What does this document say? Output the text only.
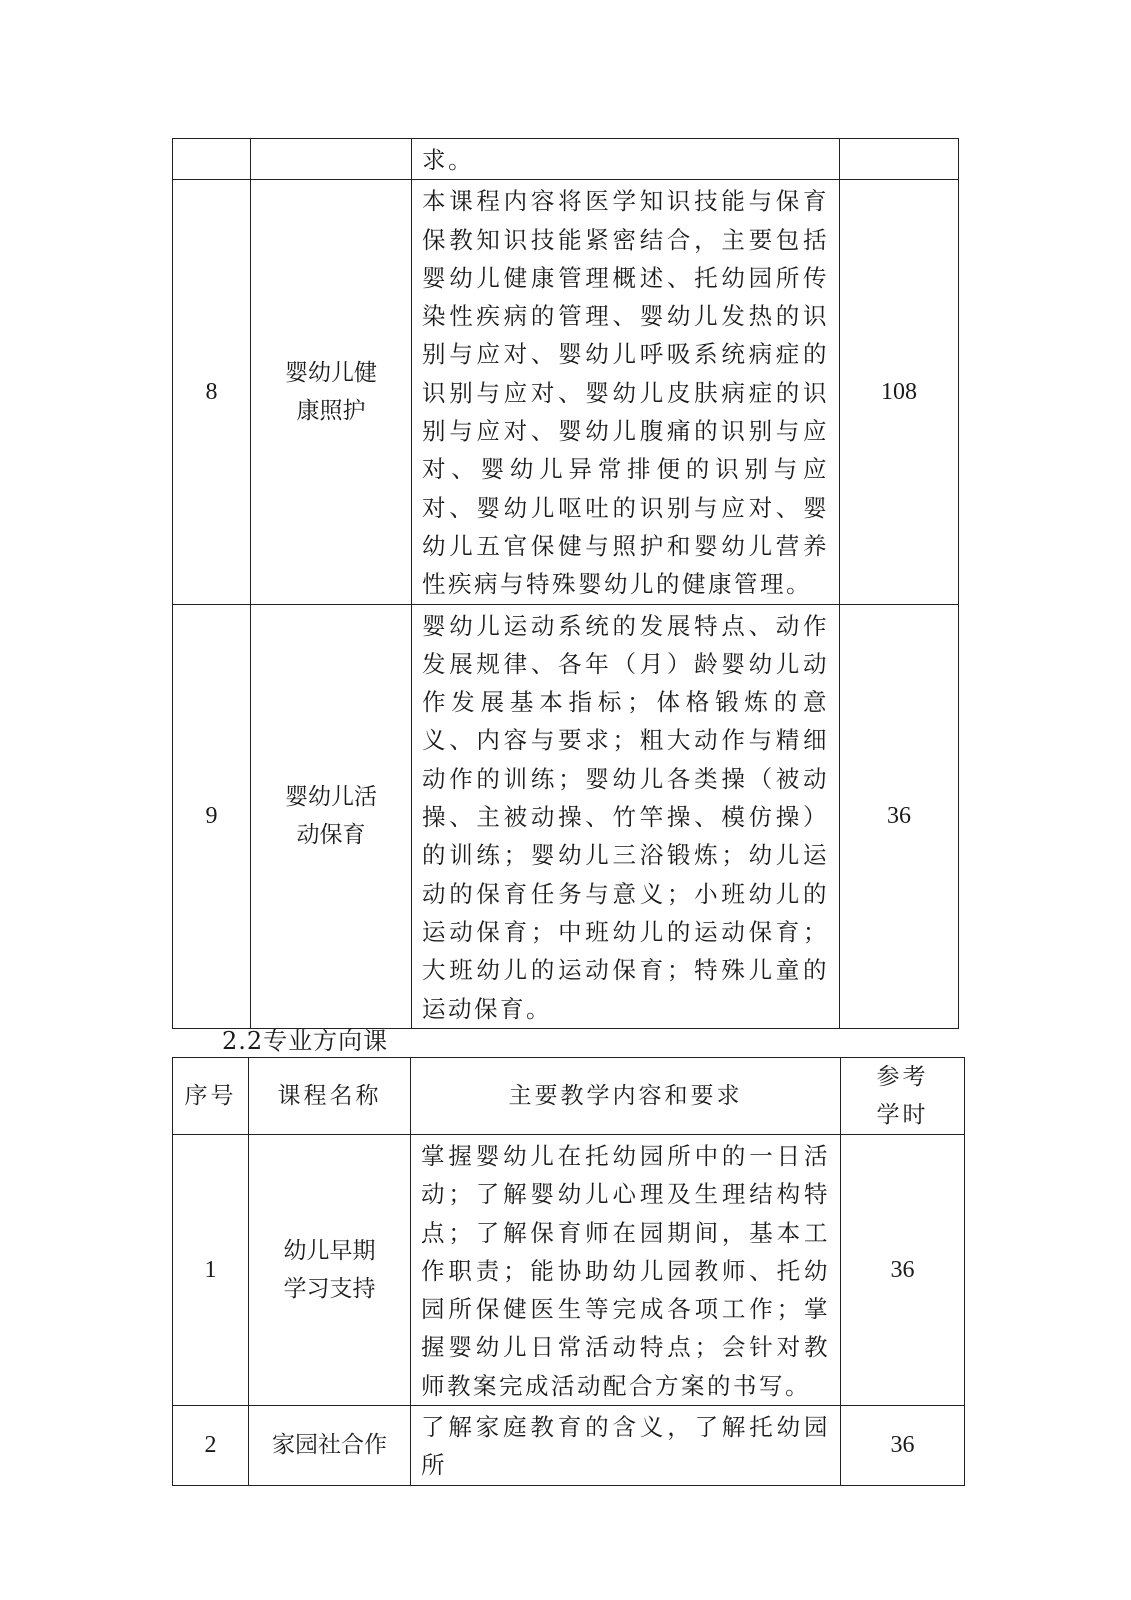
		求。	
8	婴幼儿健康照护	本课程内容将医学知识技能与保育保教知识技能紧密结合，主要包括婴幼儿健康管理概述、托幼园所传染性疾病的管理、婴幼儿发热的识别与应对、婴幼儿呼吸系统病症的识别与应对、婴幼儿皮肤病症的识别与应对、婴幼儿腹痛的识别与应对、婴幼儿异常排便的识别与应对、婴幼儿呕吐的识别与应对、婴幼儿五官保健与照护和婴幼儿营养性疾病与特殊婴幼儿的健康管理。	108
9	婴幼儿活动保育	婴幼儿运动系统的发展特点、动作发展规律、各年（月）龄婴幼儿动作发展基本指标；体格锻炼的意义、内容与要求；粗大动作与精细动作的训练；婴幼儿各类操（被动操、主被动操、竹竿操、模仿操）的训练；婴幼儿三浴锻炼；幼儿运动的保育任务与意义；小班幼儿的运动保育；中班幼儿的运动保育；大班幼儿的运动保育；特殊儿童的运动保育。	36
2.2专业方向课
序号	课程名称	主要教学内容和要求	参考学时
1	幼儿早期学习支持	掌握婴幼儿在托幼园所中的一日活动；了解婴幼儿心理及生理结构特点；了解保育师在园期间，基本工作职责；能协助幼儿园教师、托幼园所保健医生等完成各项工作；掌握婴幼儿日常活动特点；会针对教师教案完成活动配合方案的书写。	36
2	家园社合作	了解家庭教育的含义，了解托幼园所	36
